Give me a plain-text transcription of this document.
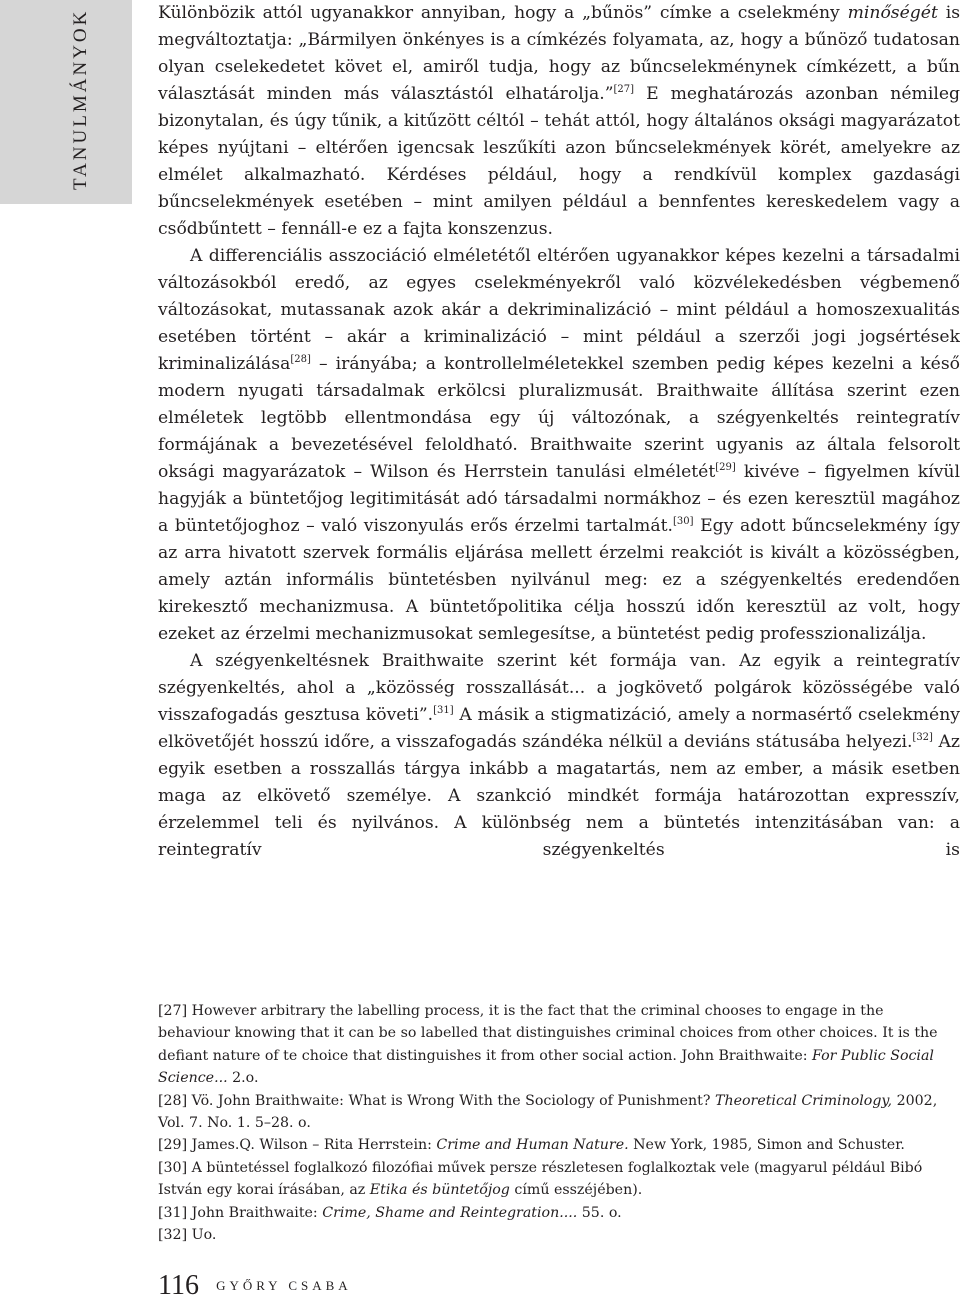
TANULMÁNYOK	Különbözik attól ugyanakkor annyiban, hogy a „bűnös” címke a cselekmény minőségét is megváltoztatja: „Bármilyen önkényes is a címkézés folyamata, az, hogy a bűnöző tudatosan olyan cselekedetet követ el, amiről tudja, hogy az bűncselekménynek címkézett, a bűn választását minden más választástól elhatárolja.”[27] E meghatározás azonban némileg bizonytalan, és úgy tűnik, a kitűzött céltól – tehát attól, hogy általános oksági magyarázatot képes nyújtani – eltérően igencsak leszűkíti azon bűncselekmények körét, amelyekre az elmélet alkalmazható. Kérdéses például, hogy a rendkívül komplex gazdasági bűncselekmények esetében – mint amilyen például a bennfentes kereskedelem vagy a csődbűntett – fennáll-e ez a fajta konszenzus.

A differenciális asszociáció elméletétől eltérően ugyanakkor képes kezelni a társadalmi változásokból eredő, az egyes cselekményekről való közvélekedésben végbemenő változásokat, mutassanak azok akár a dekriminalizáció – mint például a homoszexualitás esetében történt – akár a kriminalizáció – mint például a szerzői jogi jogsértések kriminalizálása[28] – irányába; a kontrollelméletekkel szemben pedig képes kezelni a késő modern nyugati társadalmak erkölcsi pluralizmusát. Braithwaite állítása szerint ezen elméletek legtöbb ellentmondása egy új változónak, a szégyenkeltés reintegratív formájának a bevezetésével feloldható. Braithwaite szerint ugyanis az általa felsorolt oksági magyarázatok – Wilson és Herrstein tanulási elméletét[29] kivéve – figyelmen kívül hagyják a büntetőjog legitimitását adó társadalmi normákhoz – és ezen keresztül magához a büntetőjoghoz – való viszonyulás erős érzelmi tartalmát.[30] Egy adott bűncselekmény így az arra hivatott szervek formális eljárása mellett érzelmi reakciót is kivált a közösségben, amely aztán informális büntetésben nyilvánul meg: ez a szégyenkeltés eredendően kirekesztő mechanizmusa. A büntetőpolitika célja hosszú időn keresztül az volt, hogy ezeket az érzelmi mechanizmusokat semlegesítse, a büntetést pedig professzionalizálja.

A szégyenkeltésnek Braithwaite szerint két formája van. Az egyik a reintegratív szégyenkeltés, ahol a „közösség rosszallását... a jogkövető polgárok közösségébe való visszafogadás gesztusa követi”.[31] A másik a stigmatizáció, amely a normasértő cselekmény elkövetőjét hosszú időre, a visszafogadás szándéka nélkül a deviáns státusába helyezi.[32] Az egyik esetben a rosszallás tárgya inkább a magatartás, nem az ember, a másik esetben maga az elkövető személye. A szankció mindkét formája határozottan expresszív, érzelemmel teli és nyilvános. A különbség nem a büntetés intenzitásában van: a reintegratív szégyenkeltés is

[27] However arbitrary the labelling process, it is the fact that the criminal chooses to engage in the behaviour knowing that it can be so labelled that distinguishes criminal choices from other choices. It is the defiant nature of te choice that distinguishes it from other social action. John Braithwaite: For Public Social Science... 2.o.

[28] Vö. John Braithwaite: What is Wrong With the Sociology of Punishment? Theoretical Criminology, 2002, Vol. 7. No. 1. 5–28. o.

[29] James.Q. Wilson – Rita Herrstein: Crime and Human Nature. New York, 1985, Simon and Schuster.

[30] A büntetéssel foglalkozó filozófiai művek persze részletesen foglalkoztak vele (magyarul például Bibó István egy korai írásában, az Etika és büntetőjog című esszéjében).

[31] John Braithwaite: Crime, Shame and Reintegration.... 55. o.

[32] Uo.

116 GYŐRY CSABA
